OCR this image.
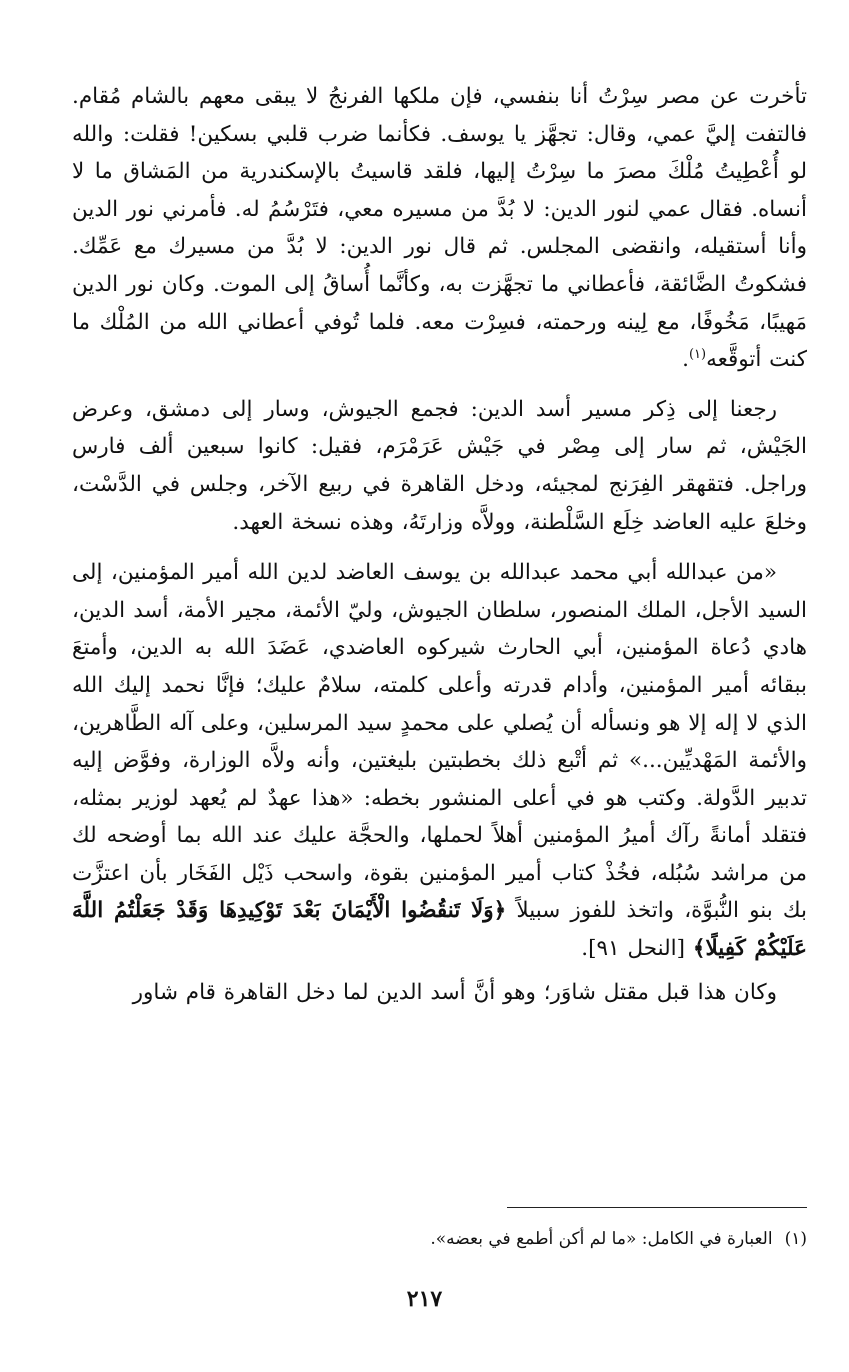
تأخرت عن مصر سِرْتُ أنا بنفسي، فإن ملكها الفرنجُ لا يبقى معهم بالشام مُقام. فالتفت إليَّ عمي، وقال: تجهَّز يا يوسف. فكأنما ضرب قلبي بسكين! فقلت: والله لو أُعْطِيتُ مُلْكَ مصرَ ما سِرْتُ إليها، فلقد قاسيتُ بالإسكندرية من المَشاق ما لا أنساه. فقال عمي لنور الدين: لا بُدَّ من مسيره معي، فتَرْسُمُ له. فأمرني نور الدين وأنا أستقيله، وانقضى المجلس. ثم قال نور الدين: لا بُدَّ من مسيرك مع عَمِّك. فشكوتُ الضَّائقة، فأعطاني ما تجهَّزت به، وكأنَّما أُساقُ إلى الموت. وكان نور الدين مَهيبًا، مَخُوفًا، مع لِينه ورحمته، فسِرْت معه. فلما تُوفي أعطاني الله من المُلْك ما كنت أتوقَّعه$^{(١)}$.

رجعنا إلى ذِكر مسير أسد الدين: فجمع الجيوش، وسار إلى دمشق، وعرض الجَيْش، ثم سار إلى مِصْر في جَيْش عَرَمْرَم، فقيل: كانوا سبعين ألف فارس وراجل. فتقهقر الفِرَنج لمجيئه، ودخل القاهرة في ربيع الآخر، وجلس في الدَّسْت، وخلعَ عليه العاضد خِلَع السَّلْطنة، وولاَّه وزارتَهُ، وهذه نسخة العهد.

«من عبدالله أبي محمد عبدالله بن يوسف العاضد لدين الله أمير المؤمنين، إلى السيد الأجل، الملك المنصور، سلطان الجيوش، وليّ الأئمة، مجير الأمة، أسد الدين، هادي دُعاة المؤمنين، أبي الحارث شيركوه العاضدي، عَضَدَ الله به الدين، وأمتعَ ببقائه أمير المؤمنين، وأدام قدرته وأعلى كلمته، سلامٌ عليك؛ فإنَّا نحمد إليك الله الذي لا إله إلا هو ونسأله أن يُصلي على محمدٍ سيد المرسلين، وعلى آله الطَّاهرين، والأئمة المَهْديِّين...» ثم أتْبع ذلك بخطبتين بليغتين، وأنه ولاَّه الوزارة، وفوَّض إليه تدبير الدَّولة. وكتب هو في أعلى المنشور بخطه: «هذا عهدٌ لم يُعهد لوزير بمثله، فتقلد أمانةً رآك أميرُ المؤمنين أهلاً لحملها، والحجَّة عليك عند الله بما أوضحه لك من مراشد سُبُله، فخُذْ كتاب أمير المؤمنين بقوة، واسحب ذَيْل الفَخَار بأن اعتزَّت بك بنو النُّبوَّة، واتخذ للفوز سبيلاً ﴿وَلَا تَنقُضُوا الْأَيْمَانَ بَعْدَ تَوْكِيدِهَا وَقَدْ جَعَلْتُمُ اللَّهَ عَلَيْكُمْ كَفِيلًا﴾ [النحل ٩١].

وكان هذا قبل مقتل شاوَر؛ وهو أنَّ أسد الدين لما دخل القاهرة قام شاور

(١)العبارة في الكامل: «ما لم أكن أطمع في بعضه».

٢١٧
